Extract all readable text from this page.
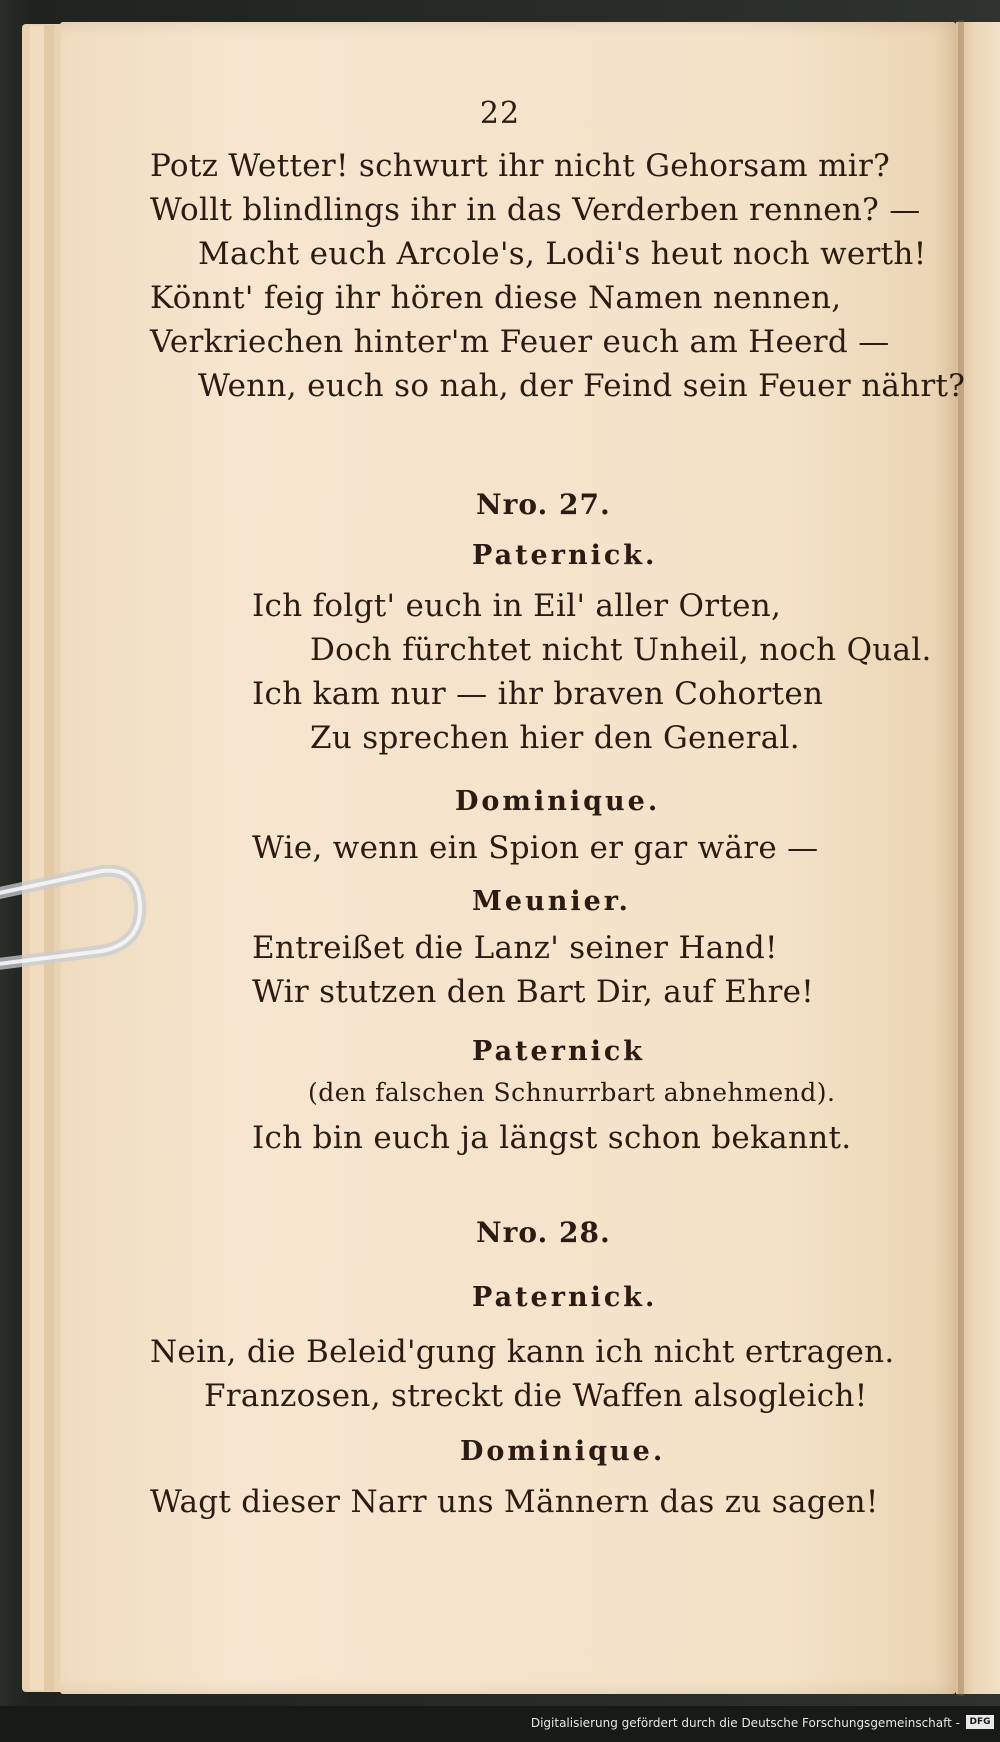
22
Potz Wetter! schwurt ihr nicht Gehorsam mir?
Wollt blindlings ihr in das Verderben rennen? —
Macht euch Arcole's, Lodi's heut noch werth!
Könnt' feig ihr hören diese Namen nennen,
Verkriechen hinter'm Feuer euch am Heerd —
Wenn, euch so nah, der Feind sein Feuer nährt?
Nro. 27.
Paternick.
Ich folgt' euch in Eil' aller Orten,
Doch fürchtet nicht Unheil, noch Qual.
Ich kam nur — ihr braven Cohorten
Zu sprechen hier den General.
Dominique.
Wie, wenn ein Spion er gar wäre —
Meunier.
Entreißet die Lanz' seiner Hand!
Wir stutzen den Bart Dir, auf Ehre!
Paternick
(den falschen Schnurrbart abnehmend).
Ich bin euch ja längst schon bekannt.
Nro. 28.
Paternick.
Nein, die Beleid'gung kann ich nicht ertragen.
Franzosen, streckt die Waffen alsogleich!
Dominique.
Wagt dieser Narr uns Männern das zu sagen!
Digitalisierung gefördert durch die Deutsche Forschungsgemeinschaft -	DFG
